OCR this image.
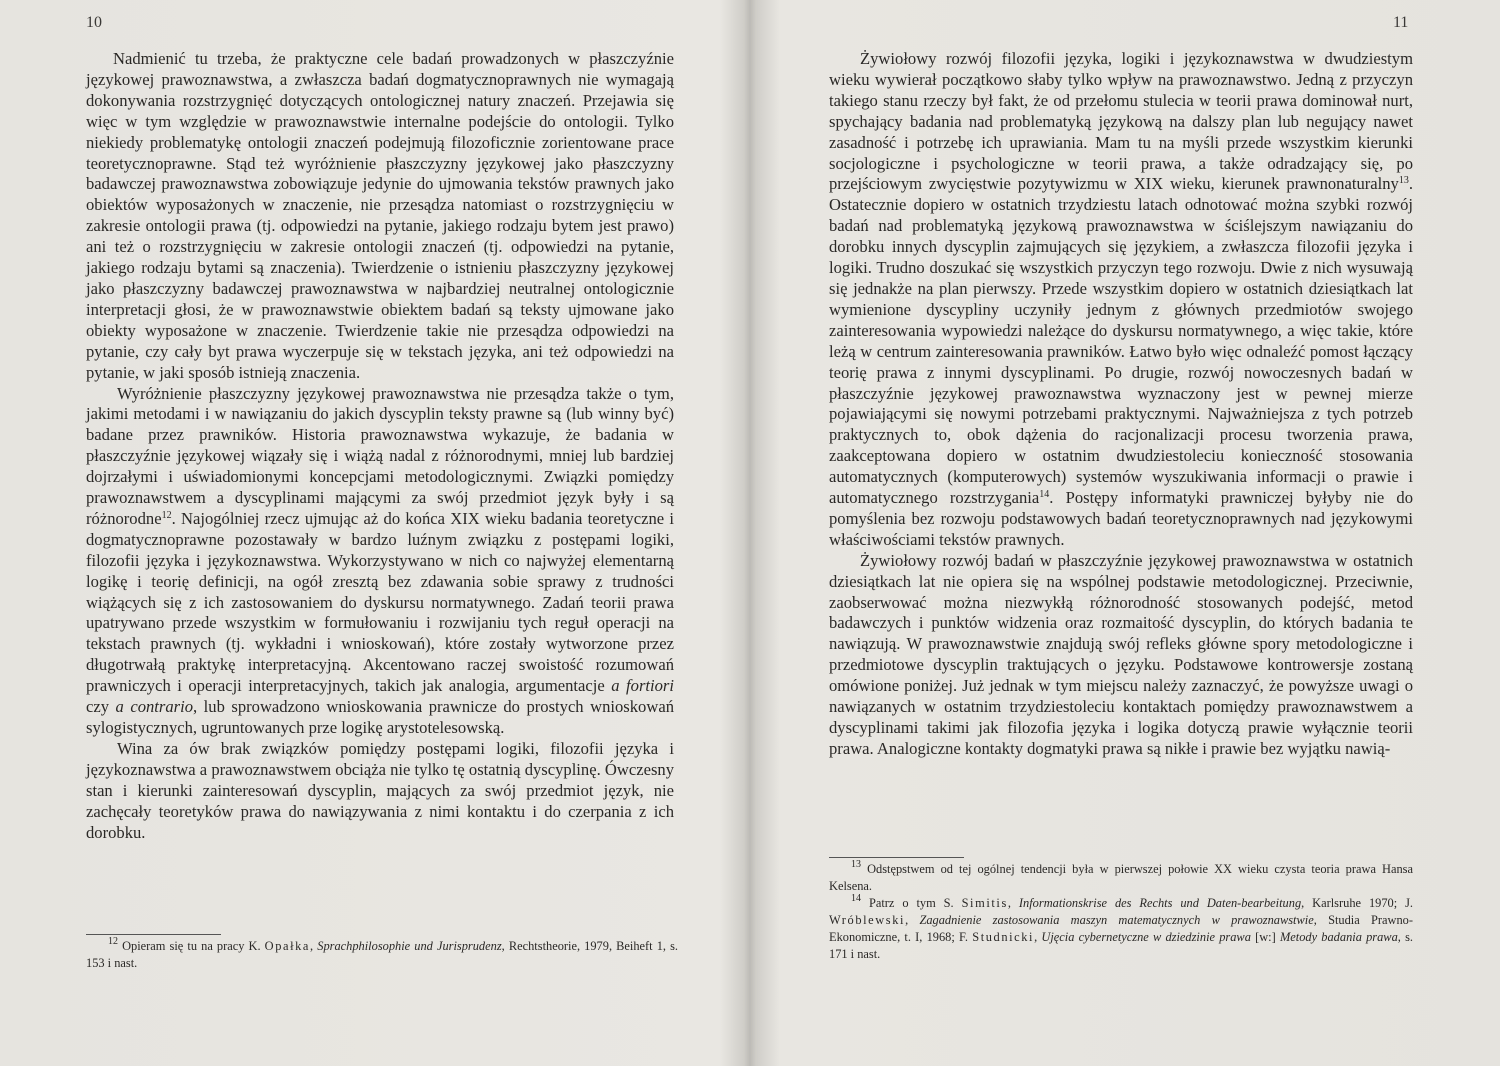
10

Nadmienić tu trzeba, że praktyczne cele badań prowadzonych w płaszczyźnie językowej prawoznawstwa, a zwłaszcza badań dogmatycznoprawnych nie wymagają dokonywania rozstrzygnięć dotyczących ontologicznej natury znaczeń. Przejawia się więc w tym względzie w prawoznawstwie internalne podejście do ontologii. Tylko niekiedy problematykę ontologii znaczeń podejmują filozoficznie zorientowane prace teoretycznoprawne. Stąd też wyróżnienie płaszczyzny językowej jako płaszczyzny badawczej prawoznawstwa zobowiązuje jedynie do ujmowania tekstów prawnych jako obiektów wyposażonych w znaczenie, nie przesądza natomiast o rozstrzygnięciu w zakresie ontologii prawa (tj. odpowiedzi na pytanie, jakiego rodzaju bytem jest prawo) ani też o rozstrzygnięciu w zakresie ontologii znaczeń (tj. odpowiedzi na pytanie, jakiego rodzaju bytami są znaczenia). Twierdzenie o istnieniu płaszczyzny językowej jako płaszczyzny badawczej prawoznawstwa w najbardziej neutralnej ontologicznie interpretacji głosi, że w prawoznawstwie obiektem badań są teksty ujmowane jako obiekty wyposażone w znaczenie. Twierdzenie takie nie przesądza odpowiedzi na pytanie, czy cały byt prawa wyczerpuje się w tekstach języka, ani też odpowiedzi na pytanie, w jaki sposób istnieją znaczenia.

Wyróżnienie płaszczyzny językowej prawoznawstwa nie przesądza także o tym, jakimi metodami i w nawiązaniu do jakich dyscyplin teksty prawne są (lub winny być) badane przez prawników. Historia prawoznawstwa wykazuje, że badania w płaszczyźnie językowej wiązały się i wiążą nadal z różnorodnymi, mniej lub bardziej dojrzałymi i uświadomionymi koncepcjami metodologicznymi. Związki pomiędzy prawoznawstwem a dyscyplinami mającymi za swój przedmiot język były i są różnorodne$^{12}$. Najogólniej rzecz ujmując aż do końca XIX wieku badania teoretyczne i dogmatycznoprawne pozostawały w bardzo luźnym związku z postępami logiki, filozofii języka i językoznawstwa. Wykorzystywano w nich co najwyżej elementarną logikę i teorię definicji, na ogół zresztą bez zdawania sobie sprawy z trudności wiążących się z ich zastosowaniem do dyskursu normatywnego. Zadań teorii prawa upatrywano przede wszystkim w formułowaniu i rozwijaniu tych reguł operacji na tekstach prawnych (tj. wykładni i wnioskowań), które zostały wytworzone przez długotrwałą praktykę interpretacyjną. Akcentowano raczej swoistość rozumowań prawniczych i operacji interpretacyjnych, takich jak analogia, argumentacje a fortiori czy a contrario, lub sprowadzono wnioskowania prawnicze do prostych wnioskowań sylogistycznych, ugruntowanych prze logikę arystotelesowską.

Wina za ów brak związków pomiędzy postępami logiki, filozofii języka i językoznawstwa a prawoznawstwem obciąża nie tylko tę ostatnią dyscyplinę. Ówczesny stan i kierunki zainteresowań dyscyplin, mających za swój przedmiot język, nie zachęcały teoretyków prawa do nawiązywania z nimi kontaktu i do czerpania z ich dorobku.

$^{12}$ Opieram się tu na pracy K. Opałka, Sprachphilosophie und Jurisprudenz, Rechtstheorie, 1979, Beiheft 1, s. 153 i nast.

11

Żywiołowy rozwój filozofii języka, logiki i językoznawstwa w dwudziestym wieku wywierał początkowo słaby tylko wpływ na prawoznawstwo. Jedną z przyczyn takiego stanu rzeczy był fakt, że od przełomu stulecia w teorii prawa dominował nurt, spychający badania nad problematyką językową na dalszy plan lub negujący nawet zasadność i potrzebę ich uprawiania. Mam tu na myśli przede wszystkim kierunki socjologiczne i psychologiczne w teorii prawa, a także odradzający się, po przejściowym zwycięstwie pozytywizmu w XIX wieku, kierunek prawnonaturalny$^{13}$. Ostatecznie dopiero w ostatnich trzydziestu latach odnotować można szybki rozwój badań nad problematyką językową prawoznawstwa w ściślejszym nawiązaniu do dorobku innych dyscyplin zajmujących się językiem, a zwłaszcza filozofii języka i logiki. Trudno doszukać się wszystkich przyczyn tego rozwoju. Dwie z nich wysuwają się jednakże na plan pierwszy. Przede wszystkim dopiero w ostatnich dziesiątkach lat wymienione dyscypliny uczyniły jednym z głównych przedmiotów swojego zainteresowania wypowiedzi należące do dyskursu normatywnego, a więc takie, które leżą w centrum zainteresowania prawników. Łatwo było więc odnaleźć pomost łączący teorię prawa z innymi dyscyplinami. Po drugie, rozwój nowoczesnych badań w płaszczyźnie językowej prawoznawstwa wyznaczony jest w pewnej mierze pojawiającymi się nowymi potrzebami praktycznymi. Najważniejsza z tych potrzeb praktycznych to, obok dążenia do racjonalizacji procesu tworzenia prawa, zaakceptowana dopiero w ostatnim dwudziestoleciu konieczność stosowania automatycznych (komputerowych) systemów wyszukiwania informacji o prawie i automatycznego rozstrzygania$^{14}$. Postępy informatyki prawniczej byłyby nie do pomyślenia bez rozwoju podstawowych badań teoretycznoprawnych nad językowymi właściwościami tekstów prawnych.

Żywiołowy rozwój badań w płaszczyźnie językowej prawoznawstwa w ostatnich dziesiątkach lat nie opiera się na wspólnej podstawie metodologicznej. Przeciwnie, zaobserwować można niezwykłą różnorodność stosowanych podejść, metod badawczych i punktów widzenia oraz rozmaitość dyscyplin, do których badania te nawiązują. W prawoznawstwie znajdują swój refleks główne spory metodologiczne i przedmiotowe dyscyplin traktujących o języku. Podstawowe kontrowersje zostaną omówione poniżej. Już jednak w tym miejscu należy zaznaczyć, że powyższe uwagi o nawiązanych w ostatnim trzydziestoleciu kontaktach pomiędzy prawoznawstwem a dyscyplinami takimi jak filozofia języka i logika dotyczą prawie wyłącznie teorii prawa. Analogiczne kontakty dogmatyki prawa są nikłe i prawie bez wyjątku nawią-

$^{13}$ Odstępstwem od tej ogólnej tendencji była w pierwszej połowie XX wieku czysta teoria prawa Hansa Kelsena.

$^{14}$ Patrz o tym S. Simitis, Informationskrise des Rechts und Daten-bearbeitung, Karlsruhe 1970; J. Wróblewski, Zagadnienie zastosowania maszyn matematycznych w prawoznawstwie, Studia Prawno-Ekonomiczne, t. I, 1968; F. Studnicki, Ujęcia cybernetyczne w dziedzinie prawa [w:] Metody badania prawa, s. 171 i nast.
